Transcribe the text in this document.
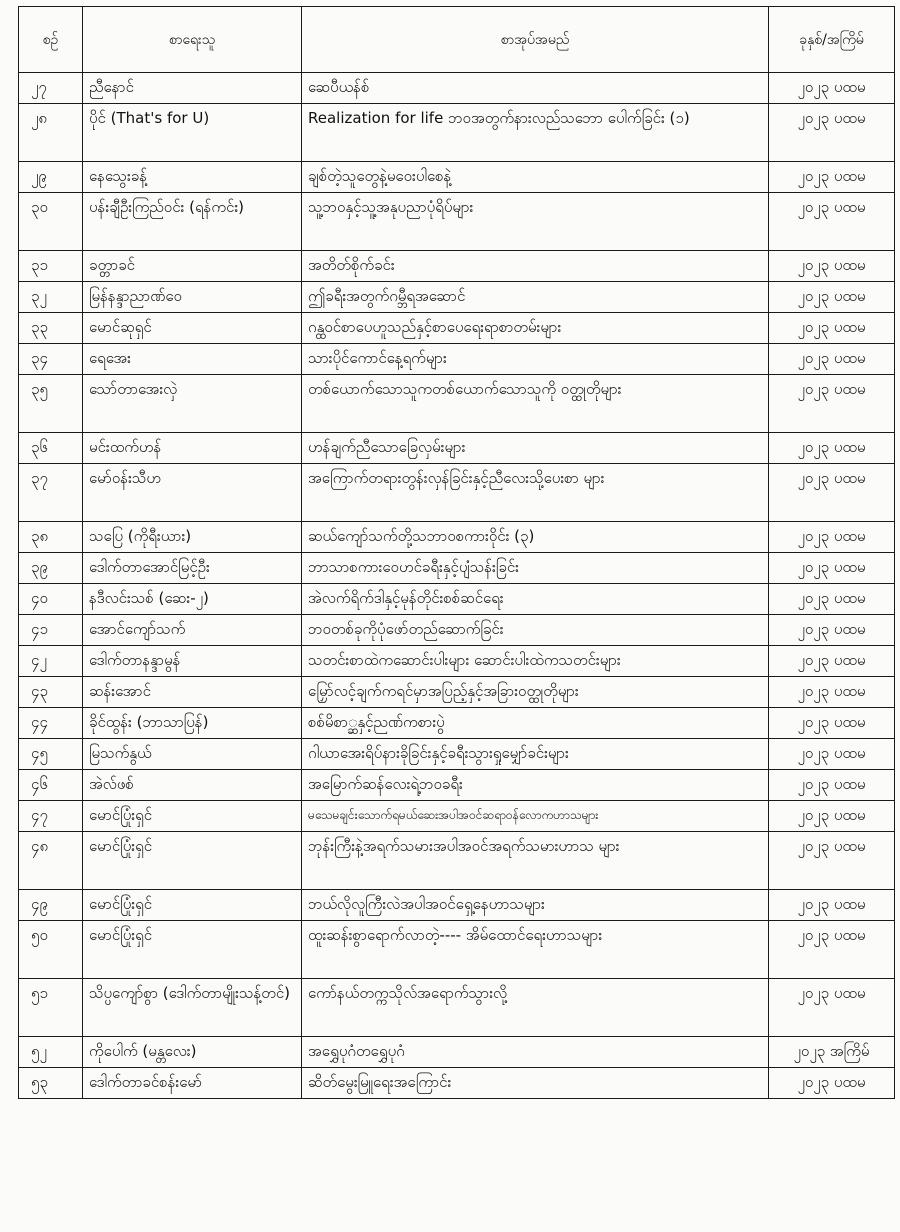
စဉ်	စာရေးသူ	စာအုပ်အမည်	ခုနှစ်/အကြိမ်
၂၇	ညီနောင်	ဆေပီယန်စ်	၂၀၂၃ ပထမ
၂၈	ပိုင် (That's for U)	Realization for life ဘဝအတွက်နားလည်သဘော ပေါက်ခြင်း (၁)	၂၀၂၃ ပထမ
၂၉	နေသွေးခန့်	ချစ်တဲ့သူတွေနဲ့မဝေးပါစေနဲ့	၂၀၂၃ ပထမ
၃၀	ပန်းချီဦးကြည်ဝင်း (ရန်ကင်း)	သူ့ဘဝနှင့်သူ့အနုပညာပုံရိပ်များ	၂၀၂၃ ပထမ
၃၁	ခတ္တာခင်	အတိတ်စိုက်ခင်း	၂၀၂၃ ပထမ
၃၂	မြန်နန္ဒာညာဏ်ဝေ	ဤခရီးအတွက်ဂမ္ဘီရအဆောင်	၂၀၂၃ ပထမ
၃၃	မောင်ဆုရှင်	ဂန္ထဝင်စာပေဟူသည်နှင့်စာပေရေးရာစာတမ်းများ	၂၀၂၃ ပထမ
၃၄	ရေအေး	သားပိုင်ကောင်နေ့ရက်များ	၂၀၂၃ ပထမ
၃၅	သော်တာအေးလှဲ	တစ်ယောက်သောသူကတစ်ယောက်သောသူကို ဝတ္ထုတိုများ	၂၀၂၃ ပထမ
၃၆	မင်းထက်ဟန်	ဟန်ချက်ညီသောခြေလှမ်းများ	၂၀၂၃ ပထမ
၃၇	မော်ဝန်းသီဟ	အကြောက်တရားတွန်းလှန်ခြင်းနှင့်ညီလေးသို့ပေးစာ များ	၂၀၂၃ ပထမ
၃၈	သပြေ (ကိုရီးယား)	ဆယ်ကျော်သက်တို့သဘာဝစကားဝိုင်း (၃)	၂၀၂၃ ပထမ
၃၉	ဒေါက်တာအောင်မြင့်ဦး	ဘာသာစကားဝေဟင်ခရီးနှင့်ပျံသန်းခြင်း	၂၀၂၃ ပထမ
၄၀	နဒီလင်းသစ် (ဆေး-၂)	အဲလက်ရိက်ဒါနှင့်မုန်တိုင်းစစ်ဆင်ရေး	၂၀၂၃ ပထမ
၄၁	အောင်ကျော်သက်	ဘဝတစ်ခုကိုပုံဖော်တည်ဆောက်ခြင်း	၂၀၂၃ ပထမ
၄၂	ဒေါက်တာနန္ဒာမွန်	သတင်းစာထဲကဆောင်းပါးများ ဆောင်းပါးထဲကသတင်းများ	၂၀၂၃ ပထမ
၄၃	ဆန်းအောင်	မြှော်လင့်ချက်ကရင်မှာအပြည့်နှင့်အခြားဝတ္ထုတိုများ	၂၀၂၃ ပထမ
၄၄	ခိုင်ထွန်း (ဘာသာပြန်)	စစ်မိစာ္ဆနှင့်ညဏ်ကစားပွဲ	၂၀၂၃ ပထမ
၄၅	မြသက်နွယ်	ဂါယာအေးရိပ်နားခိုခြင်းနှင့်ခရီးသွားရှုမျှော်ခင်းများ	၂၀၂၃ ပထမ
၄၆	အဲလ်ဖစ်	အမြောက်ဆန်လေးရဲ့ဘဝခရီး	၂၀၂၃ ပထမ
၄၇	မောင်ပြုံးရှင်	မသေမချင်းသောက်ရမယ်ဆေးအပါအဝင်ဆရာဝန်လောကဟာသများ	၂၀၂၃ ပထမ
၄၈	မောင်ပြုံးရှင်	ဘုန်းကြီးနဲ့အရက်သမားအပါအဝင်အရက်သမားဟာသ များ	၂၀၂၃ ပထမ
၄၉	မောင်ပြုံးရှင်	ဘယ်လိုလူကြီးလဲအပါအဝင်ရှေ့နေဟာသများ	၂၀၂၃ ပထမ
၅၀	မောင်ပြုံးရှင်	ထူးဆန်းစွာရောက်လာတဲ့---- အိမ်ထောင်ရေးဟာသများ	၂၀၂၃ ပထမ
၅၁	သိပ္ပကျော်စွာ (ဒေါက်တာမျိုးသန့်တင်)	ကော်နယ်တက္ကသိုလ်အရောက်သွားလို့	၂၀၂၃ ပထမ
၅၂	ကိုပေါက် (မန္တလေး)	အရွှေပုဂံတရွှေပုဂံ	၂၀၂၃ အကြိမ်
၅၃	ဒေါက်တာခင်စန်းမော်	ဆိတ်မွေးမြူရေးအကြောင်း	၂၀၂၃ ပထမ
